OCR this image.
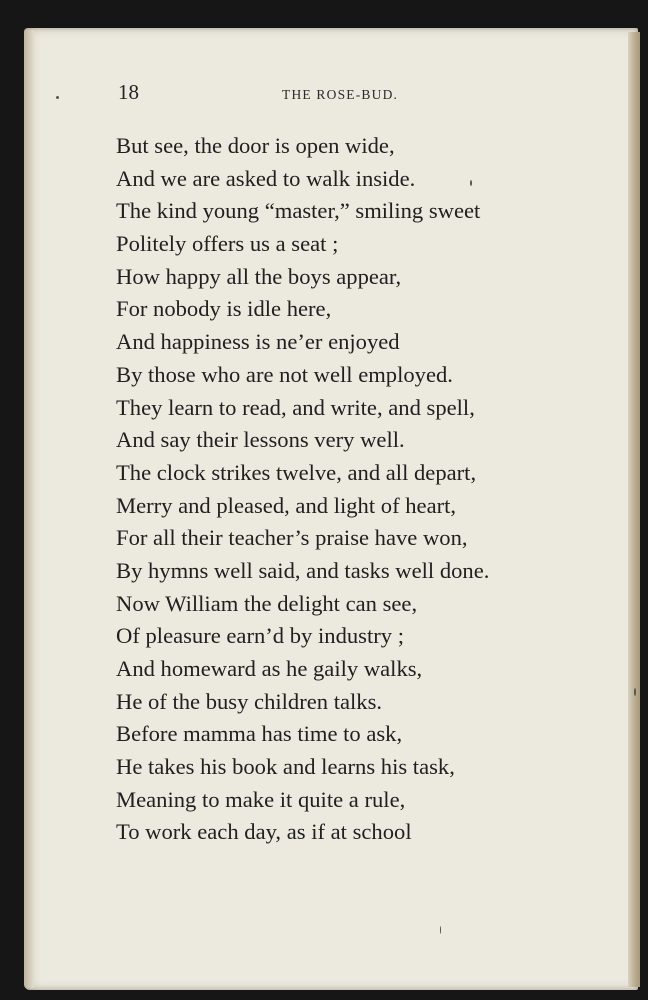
18	THE ROSE-BUD.
But see, the door is open wide,
And we are asked to walk inside.
The kind young “master,” smiling sweet
Politely offers us a seat ;
How happy all the boys appear,
For nobody is idle here,
And happiness is ne’er enjoyed
By those who are not well employed.
They learn to read, and write, and spell,
And say their lessons very well.
The clock strikes twelve, and all depart,
Merry and pleased, and light of heart,
For all their teacher’s praise have won,
By hymns well said, and tasks well done.
Now William the delight can see,
Of pleasure earn’d by industry ;
And homeward as he gaily walks,
He of the busy children talks.
Before mamma has time to ask,
He takes his book and learns his task,
Meaning to make it quite a rule,
To work each day, as if at school
